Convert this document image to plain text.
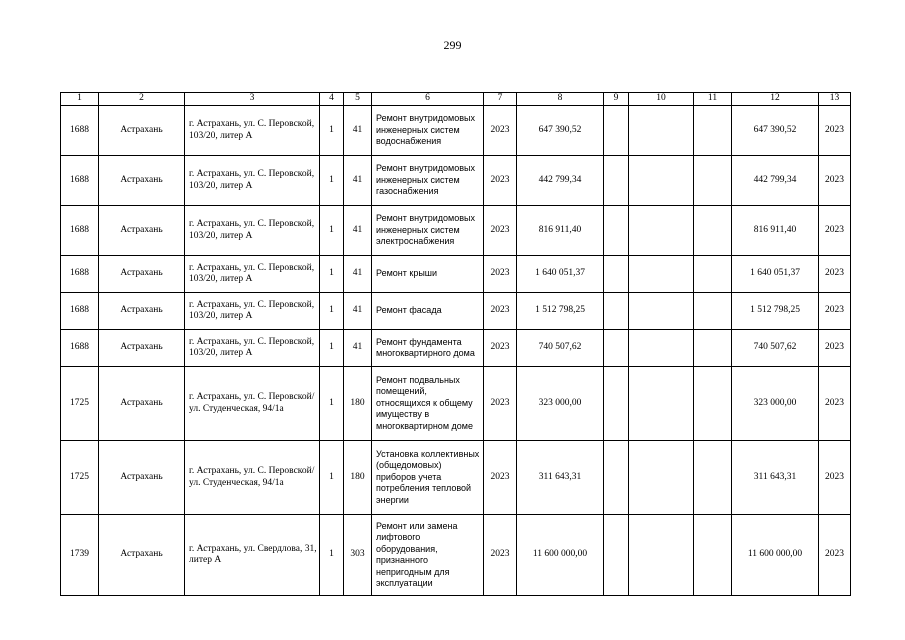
299
1	2	3	4	5	6	7	8	9	10	11	12	13
1688	Астрахань	г. Астрахань, ул. С. Перовской, 103/20, литер А	1	41	Ремонт внутридомовых инженерных систем водоснабжения	2023	647 390,52				647 390,52	2023
1688	Астрахань	г. Астрахань, ул. С. Перовской, 103/20, литер А	1	41	Ремонт внутридомовых инженерных систем газоснабжения	2023	442 799,34				442 799,34	2023
1688	Астрахань	г. Астрахань, ул. С. Перовской, 103/20, литер А	1	41	Ремонт внутридомовых инженерных систем электроснабжения	2023	816 911,40				816 911,40	2023
1688	Астрахань	г. Астрахань, ул. С. Перовской, 103/20, литер А	1	41	Ремонт крыши	2023	1 640 051,37				1 640 051,37	2023
1688	Астрахань	г. Астрахань, ул. С. Перовской, 103/20, литер А	1	41	Ремонт фасада	2023	1 512 798,25				1 512 798,25	2023
1688	Астрахань	г. Астрахань, ул. С. Перовской, 103/20, литер А	1	41	Ремонт фундамента многоквартирного дома	2023	740 507,62				740 507,62	2023
1725	Астрахань	г. Астрахань, ул. С. Перовской/ ул. Студенческая, 94/1а	1	180	Ремонт подвальных помещений, относящихся к общему имуществу в многоквартирном доме	2023	323 000,00				323 000,00	2023
1725	Астрахань	г. Астрахань, ул. С. Перовской/ ул. Студенческая, 94/1а	1	180	Установка коллективных (общедомовых) приборов учета потребления тепловой энергии	2023	311 643,31				311 643,31	2023
1739	Астрахань	г. Астрахань, ул. Свердлова, 31, литер А	1	303	Ремонт или замена лифтового оборудования, признанного непригодным для эксплуатации	2023	11 600 000,00				11 600 000,00	2023
